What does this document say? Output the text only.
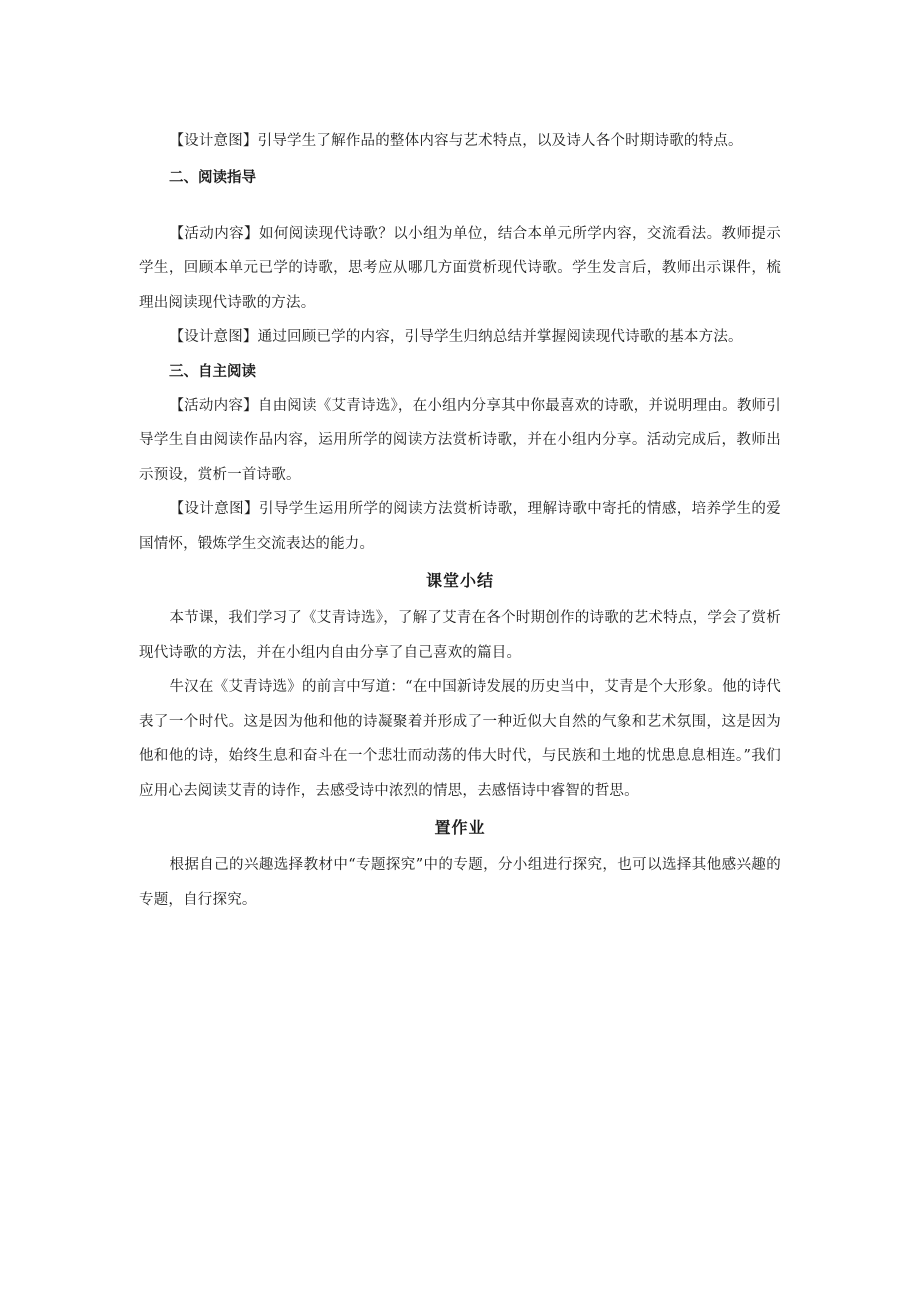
【设计意图】引导学生了解作品的整体内容与艺术特点，以及诗人各个时期诗歌的特点。

二、阅读指导

【活动内容】如何阅读现代诗歌？以小组为单位，结合本单元所学内容，交流看法。教师提示学生，回顾本单元已学的诗歌，思考应从哪几方面赏析现代诗歌。学生发言后，教师出示课件，梳理出阅读现代诗歌的方法。

【设计意图】通过回顾已学的内容，引导学生归纳总结并掌握阅读现代诗歌的基本方法。

三、自主阅读

【活动内容】自由阅读《艾青诗选》，在小组内分享其中你最喜欢的诗歌，并说明理由。教师引导学生自由阅读作品内容，运用所学的阅读方法赏析诗歌，并在小组内分享。活动完成后，教师出示预设，赏析一首诗歌。

【设计意图】引导学生运用所学的阅读方法赏析诗歌，理解诗歌中寄托的情感，培养学生的爱国情怀，锻炼学生交流表达的能力。

课堂小结

本节课，我们学习了《艾青诗选》，了解了艾青在各个时期创作的诗歌的艺术特点，学会了赏析现代诗歌的方法，并在小组内自由分享了自己喜欢的篇目。

牛汉在《艾青诗选》的前言中写道：“在中国新诗发展的历史当中，艾青是个大形象。他的诗代表了一个时代。这是因为他和他的诗凝聚着并形成了一种近似大自然的气象和艺术氛围，这是因为他和他的诗，始终生息和奋斗在一个悲壮而动荡的伟大时代，与民族和土地的忧患息息相连。”我们应用心去阅读艾青的诗作，去感受诗中浓烈的情思，去感悟诗中睿智的哲思。

置作业

根据自己的兴趣选择教材中“专题探究”中的专题，分小组进行探究，也可以选择其他感兴趣的专题，自行探究。
